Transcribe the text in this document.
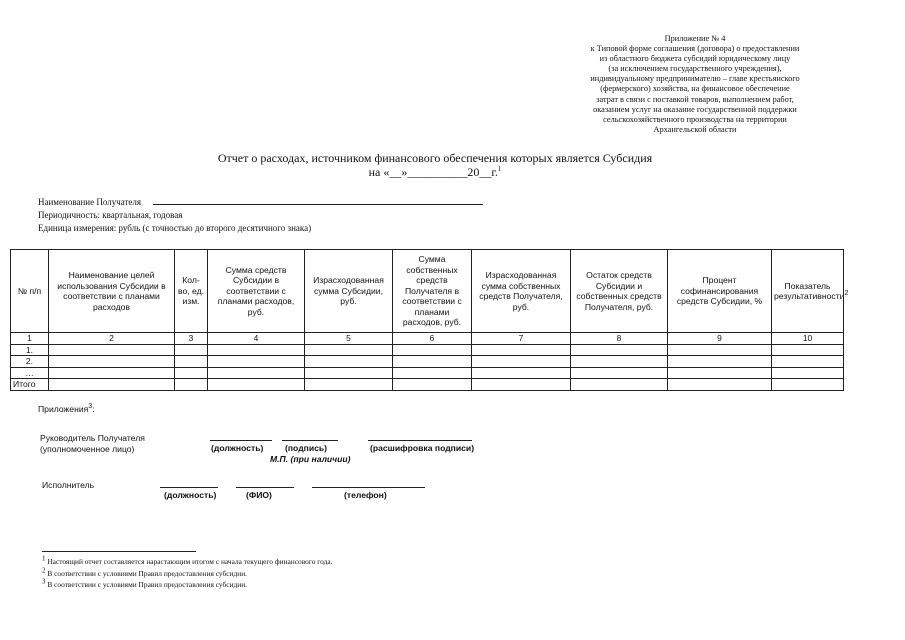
Приложение № 4
к Типовой форме соглашения (договора) о предоставлении
из областного бюджета субсидий юридическому лицу
(за исключением государственного учреждения),
индивидуальному предпринимателю – главе крестьянского
(фермерского) хозяйства, на финансовое обеспечение
затрат в связи с поставкой товаров, выполнением работ,
оказанием услуг на оказание государственной поддержки
сельскохозяйственного производства на территории
Архангельской области
Отчет о расходах, источником финансового обеспечения которых является Субсидия
на «__»__________20__г.$^1$
Наименование Получателя
Периодичность: квартальная, годовая
Единица измерения: рубль (с точностью до второго десятичного знака)
№ п/п	Наименование целей использования Субсидии в соответствии с планами расходов	Кол-во, ед. изм.	Сумма средств Субсидии в соответствии с планами расходов, руб.	Израсходованная сумма Субсидии, руб.	Сумма собственных средств Получателя в соответствии с планами расходов, руб.	Израсходованная сумма собственных средств Получателя, руб.	Остаток средств Субсидии и собственных средств Получателя, руб.	Процент софинансирования средств Субсидии, %	Показатель результативности$^2$
1	2	3	4	5	6	7	8	9	10
1.									
2.									
…									
Итого									
Приложения$^3$:
Руководитель Получателя
(уполномоченное лицо)	(должность)	(подпись)	(расшифровка подписи)
М.П. (при наличии)
Исполнитель
(должность)	(ФИО)	(телефон)
$^1$ Настоящий отчет составляется нарастающим итогом с начала текущего финансового года.
$^2$ В соответствии с условиями Правил предоставления субсидии.
$^3$ В соответствии с условиями Правил предоставления субсидии.
